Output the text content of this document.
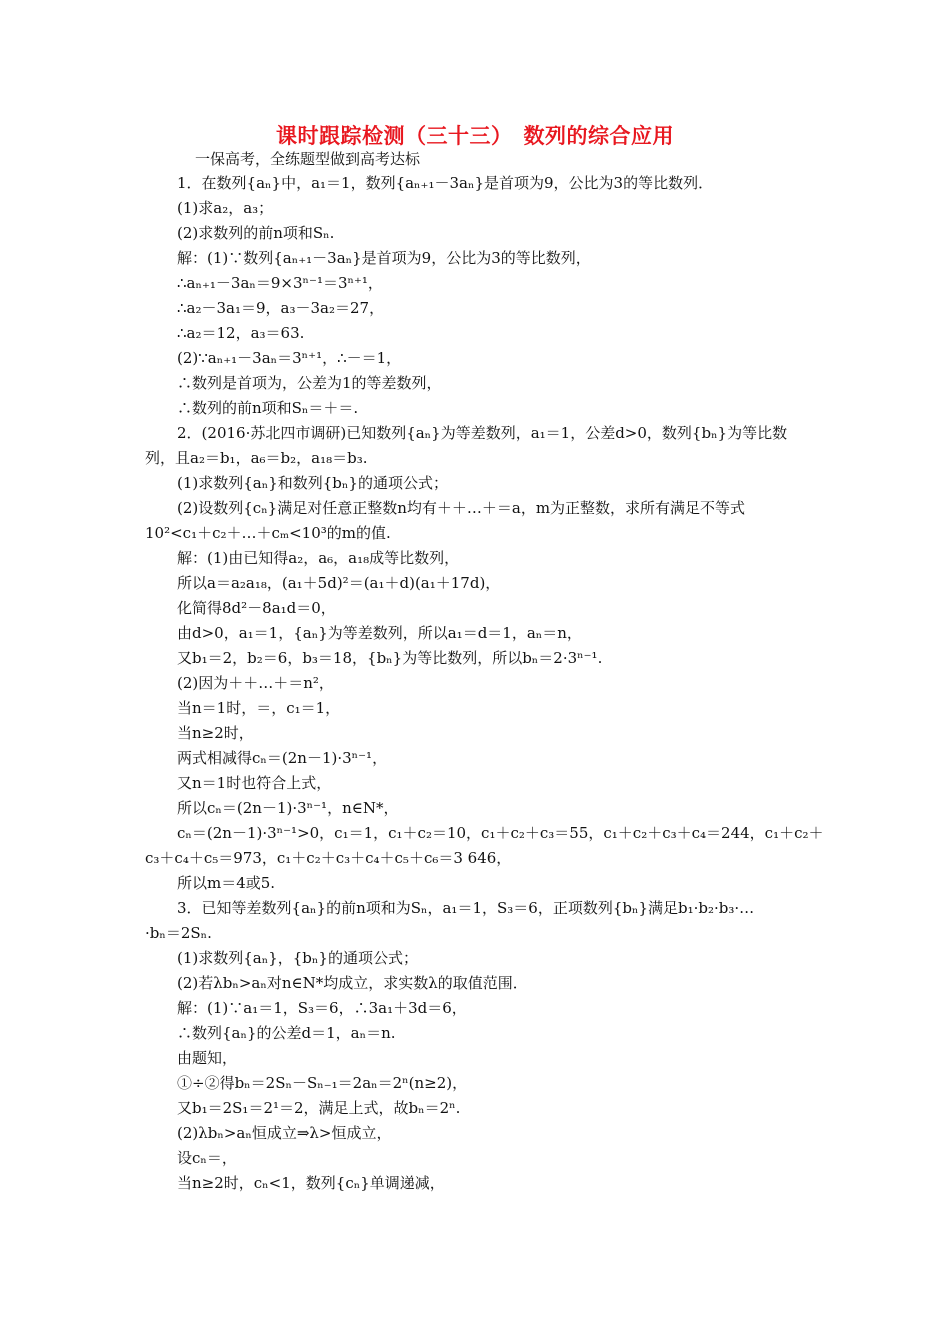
课时跟踪检测（三十三）　数列的综合应用
一保高考，全练题型做到高考达标
1．在数列{aₙ}中，a₁＝1，数列{aₙ₊₁－3aₙ}是首项为9，公比为3的等比数列．
(1)求a₂，a₃；
(2)求数列的前n项和Sₙ.
解：(1)∵数列{aₙ₊₁－3aₙ}是首项为9，公比为3的等比数列，
∴aₙ₊₁－3aₙ＝9×3ⁿ⁻¹＝3ⁿ⁺¹，
∴a₂－3a₁＝9，a₃－3a₂＝27，
∴a₂＝12，a₃＝63.
(2)∵aₙ₊₁－3aₙ＝3ⁿ⁺¹，∴－＝1，
∴数列是首项为，公差为1的等差数列，
∴数列的前n项和Sₙ＝＋＝.
2．(2016·苏北四市调研)已知数列{aₙ}为等差数列，a₁＝1，公差d>0，数列{bₙ}为等比数
列，且a₂＝b₁，a₆＝b₂，a₁₈＝b₃.
(1)求数列{aₙ}和数列{bₙ}的通项公式；
(2)设数列{cₙ}满足对任意正整数n均有＋＋…＋＝a，m为正整数，求所有满足不等式
10²<c₁＋c₂＋…＋cₘ<10³的m的值.
解：(1)由已知得a₂，a₆，a₁₈成等比数列，
所以a＝a₂a₁₈，(a₁＋5d)²＝(a₁＋d)(a₁＋17d)，
化简得8d²－8a₁d＝0，
由d>0，a₁＝1，{aₙ}为等差数列，所以a₁＝d＝1，aₙ＝n，
又b₁＝2，b₂＝6，b₃＝18，{bₙ}为等比数列，所以bₙ＝2·3ⁿ⁻¹.
(2)因为＋＋…＋＝n²，
当n＝1时，＝，c₁＝1，
当n≥2时，
两式相减得cₙ＝(2n－1)·3ⁿ⁻¹，
又n＝1时也符合上式，
所以cₙ＝(2n－1)·3ⁿ⁻¹，n∈N*，
cₙ＝(2n－1)·3ⁿ⁻¹>0，c₁＝1，c₁＋c₂＝10，c₁＋c₂＋c₃＝55，c₁＋c₂＋c₃＋c₄＝244，c₁＋c₂＋
c₃＋c₄＋c₅＝973，c₁＋c₂＋c₃＋c₄＋c₅＋c₆＝3 646，
所以m＝4或5.
3．已知等差数列{aₙ}的前n项和为Sₙ，a₁＝1，S₃＝6，正项数列{bₙ}满足b₁·b₂·b₃·…
·bₙ＝2Sₙ.
(1)求数列{aₙ}，{bₙ}的通项公式；
(2)若λbₙ>aₙ对n∈N*均成立，求实数λ的取值范围．
解：(1)∵a₁＝1，S₃＝6，∴3a₁＋3d＝6，
∴数列{aₙ}的公差d＝1，aₙ＝n.
由题知，
①÷②得bₙ＝2Sₙ－Sₙ₋₁＝2aₙ＝2ⁿ(n≥2)，
又b₁＝2S₁＝2¹＝2，满足上式，故bₙ＝2ⁿ.
(2)λbₙ>aₙ恒成立⇒λ>恒成立，
设cₙ＝，
当n≥2时，cₙ<1，数列{cₙ}单调递减，
